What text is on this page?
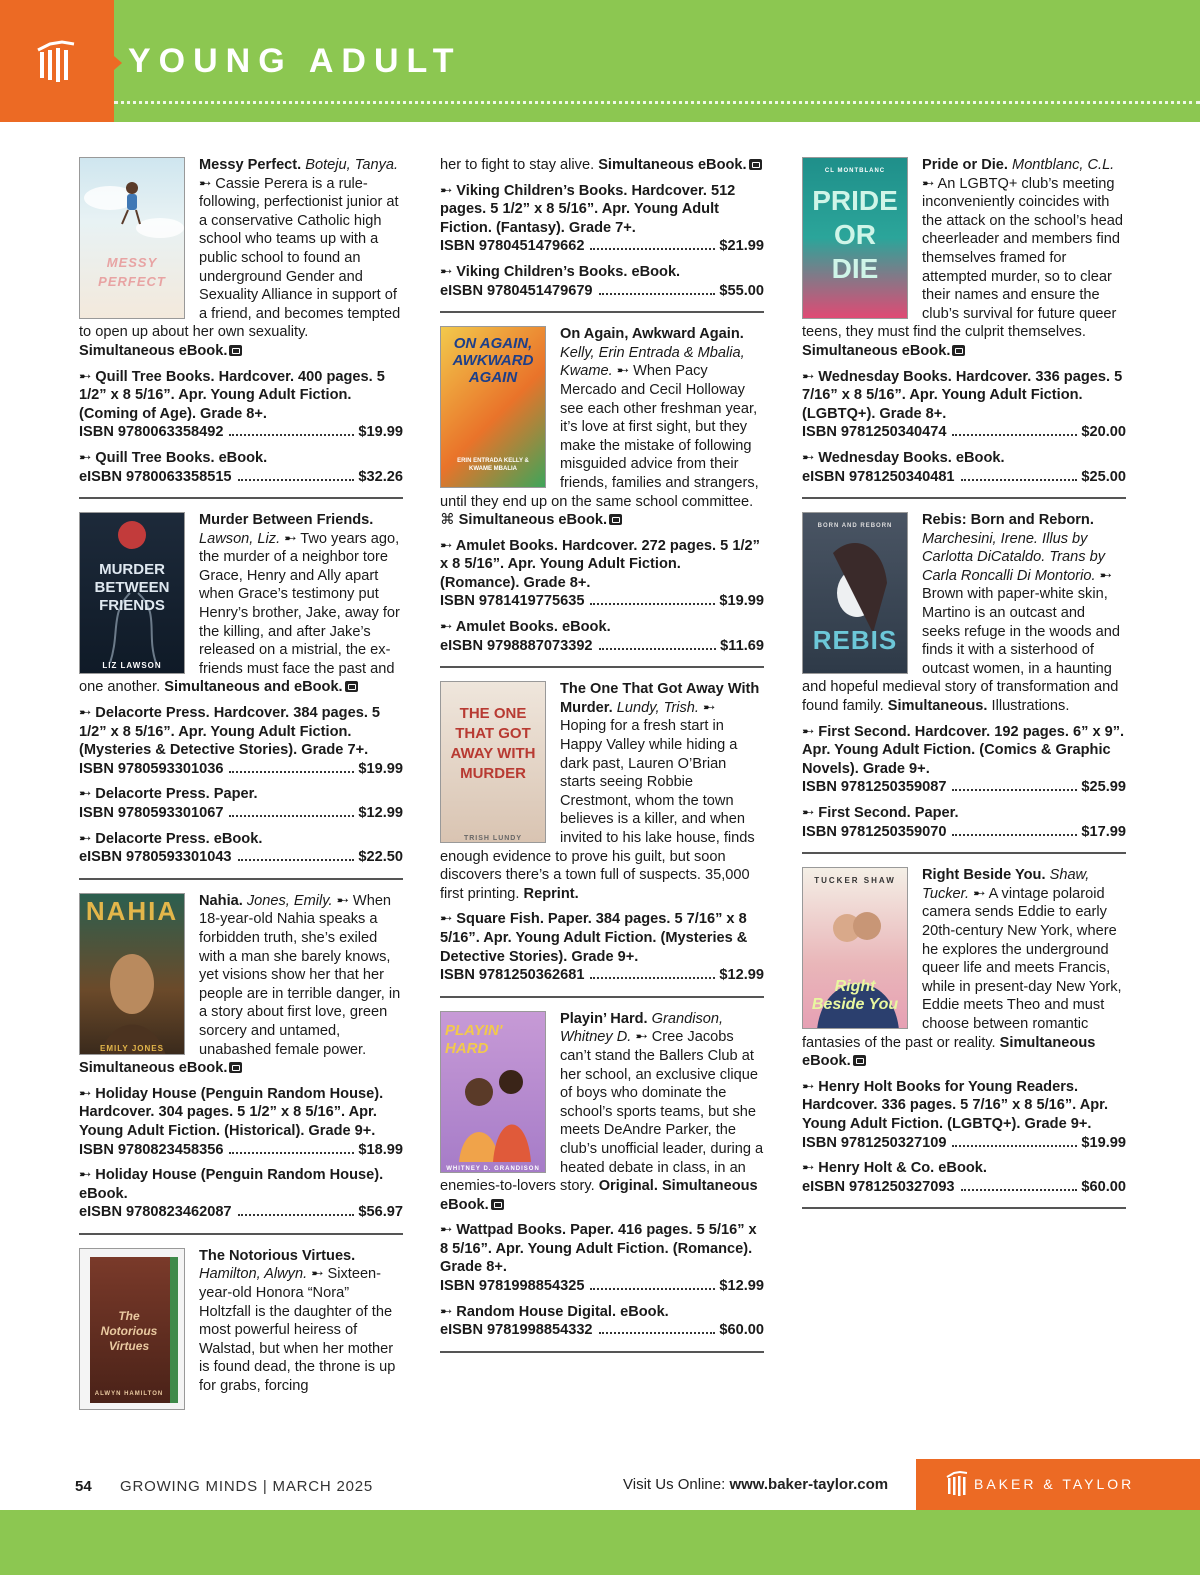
YOUNG ADULT
MESSY PERFECT
Messy Perfect. Boteju, Tanya. ➸ Cassie Perera is a rule-following, perfectionist junior at a conservative Catholic high school who teams up with a public school to found an underground Gender and Sexuality Alliance in support of a friend, and becomes tempted to open up about her own sexuality. Simultaneous eBook.
➸ Quill Tree Books. Hardcover. 400 pages. 5 1/2” x 8 5/16”. Apr. Young Adult Fiction. (Coming of Age). Grade 8+.
ISBN 9780063358492	$19.99
➸ Quill Tree Books. eBook.
eISBN 9780063358515	$32.26
MURDER BETWEEN FRIENDS
LIZ LAWSON
Murder Between Friends. Lawson, Liz. ➸ Two years ago, the murder of a neighbor tore Grace, Henry and Ally apart when Grace’s testimony put Henry’s brother, Jake, away for the killing, and after Jake’s released on a mistrial, the ex-friends must face the past and one another. Simultaneous and eBook.
➸ Delacorte Press. Hardcover. 384 pages. 5 1/2” x 8 5/16”. Apr. Young Adult Fiction. (Mysteries & Detective Stories). Grade 7+.
ISBN 9780593301036	$19.99
➸ Delacorte Press. Paper.
ISBN 9780593301067	$12.99
➸ Delacorte Press. eBook.
eISBN 9780593301043	$22.50
NAHIA
EMILY JONES
Nahia. Jones, Emily. ➸ When 18-year-old Nahia speaks a forbidden truth, she’s exiled with a man she barely knows, yet visions show her that her people are in terrible danger, in a story about first love, green sorcery and untamed, unabashed female power. Simultaneous eBook.
➸ Holiday House (Penguin Random House). Hardcover. 304 pages. 5 1/2” x 8 5/16”. Apr. Young Adult Fiction. (Historical). Grade 9+.
ISBN 9780823458356	$18.99
➸ Holiday House (Penguin Random House). eBook.
eISBN 9780823462087	$56.97
The Notorious Virtues
ALWYN HAMILTON
The Notorious Virtues. Hamilton, Alwyn. ➸ Sixteen-year-old Honora “Nora” Holtzfall is the daughter of the most powerful heiress of Walstad, but when her mother is found dead, the throne is up for grabs, forcing
her to fight to stay alive. Simultaneous eBook.
➸ Viking Children’s Books. Hardcover. 512 pages. 5 1/2” x 8 5/16”. Apr. Young Adult Fiction. (Fantasy). Grade 7+.
ISBN 9780451479662	$21.99
➸ Viking Children’s Books. eBook.
eISBN 9780451479679	$55.00
ON AGAIN, AWKWARD AGAIN
ERIN ENTRADA KELLY & KWAME MBALIA
On Again, Awkward Again. Kelly, Erin Entrada & Mbalia, Kwame. ➸ When Pacy Mercado and Cecil Holloway see each other freshman year, it’s love at first sight, but they make the mistake of following misguided advice from their friends, families and strangers, until they end up on the same school committee. ⌘ Simultaneous eBook.
➸ Amulet Books. Hardcover. 272 pages. 5 1/2” x 8 5/16”. Apr. Young Adult Fiction. (Romance). Grade 8+.
ISBN 9781419775635	$19.99
➸ Amulet Books. eBook.
eISBN 9798887073392	$11.69
THE ONE THAT GOT AWAY WITH MURDER
TRISH LUNDY
The One That Got Away With Murder. Lundy, Trish. ➸ Hoping for a fresh start in Happy Valley while hiding a dark past, Lauren O’Brian starts seeing Robbie Crestmont, whom the town believes is a killer, and when invited to his lake house, finds enough evidence to prove his guilt, but soon discovers there’s a town full of suspects. 35,000 first printing. Reprint.
➸ Square Fish. Paper. 384 pages. 5 7/16” x 8 5/16”. Apr. Young Adult Fiction. (Mysteries & Detective Stories). Grade 9+.
ISBN 9781250362681	$12.99
PLAYIN' HARD
WHITNEY D. GRANDISON
Playin’ Hard. Grandison, Whitney D. ➸ Cree Jacobs can’t stand the Ballers Club at her school, an exclusive clique of boys who dominate the school’s sports teams, but she meets DeAndre Parker, the club’s unofficial leader, during a heated debate in class, in an enemies-to-lovers story. Original. Simultaneous eBook.
➸ Wattpad Books. Paper. 416 pages. 5 5/16” x 8 5/16”. Apr. Young Adult Fiction. (Romance). Grade 8+.
ISBN 9781998854325	$12.99
➸ Random House Digital. eBook.
eISBN 9781998854332	$60.00
CL MONTBLANC
PRIDE OR DIE
Pride or Die. Montblanc, C.L. ➸ An LGBTQ+ club’s meeting inconveniently coincides with the attack on the school’s head cheerleader and members find themselves framed for attempted murder, so to clear their names and ensure the club’s survival for future queer teens, they must find the culprit themselves. Simultaneous eBook.
➸ Wednesday Books. Hardcover. 336 pages. 5 7/16” x 8 5/16”. Apr. Young Adult Fiction. (LGBTQ+). Grade 8+.
ISBN 9781250340474	$20.00
➸ Wednesday Books. eBook.
eISBN 9781250340481	$25.00
BORN AND REBORN
REBIS
Rebis: Born and Reborn. Marchesini, Irene. Illus by Carlotta DiCataldo. Trans by Carla Roncalli Di Montorio. ➸ Brown with paper-white skin, Martino is an outcast and seeks refuge in the woods and finds it with a sisterhood of outcast women, in a haunting and hopeful medieval story of transformation and found family. Simultaneous. Illustrations.
➸ First Second. Hardcover. 192 pages. 6” x 9”. Apr. Young Adult Fiction. (Comics & Graphic Novels). Grade 9+.
ISBN 9781250359087	$25.99
➸ First Second. Paper.
ISBN 9781250359070	$17.99
TUCKER SHAW
Right Beside You
Right Beside You. Shaw, Tucker. ➸ A vintage polaroid camera sends Eddie to early 20th-century New York, where he explores the underground queer life and meets Francis, while in present-day New York, Eddie meets Theo and must choose between romantic fantasies of the past or reality. Simultaneous eBook.
➸ Henry Holt Books for Young Readers. Hardcover. 336 pages. 5 7/16” x 8 5/16”. Apr. Young Adult Fiction. (LGBTQ+). Grade 9+.
ISBN 9781250327109	$19.99
➸ Henry Holt & Co. eBook.
eISBN 9781250327093	$60.00
54 GROWING MINDS | MARCH 2025	Visit Us Online: www.baker-taylor.com	BAKER & TAYLOR
